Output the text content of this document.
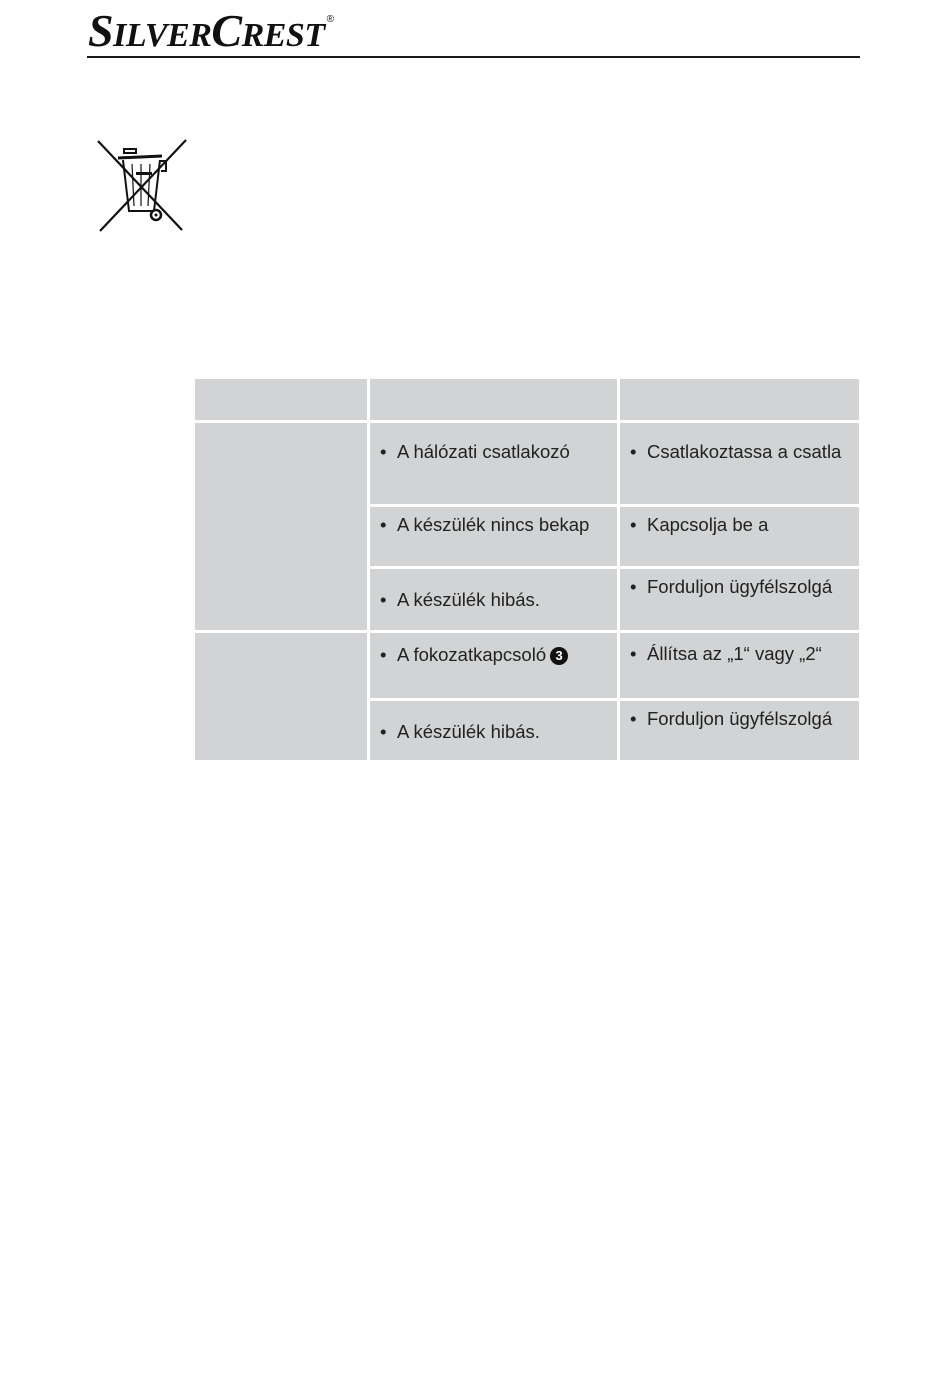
SILVERCREST ®
• A hálózati csatlakozó	• Csatlakoztassa a csatla
• A készülék nincs bekap • Kapcsolja be a
• A készülék hibás.
• Forduljon ügyfélszolgá
• A fokozatkapcsoló 3	• Állítsa az „1“ vagy „2“
• A készülék hibás.
• Forduljon ügyfélszolgá
